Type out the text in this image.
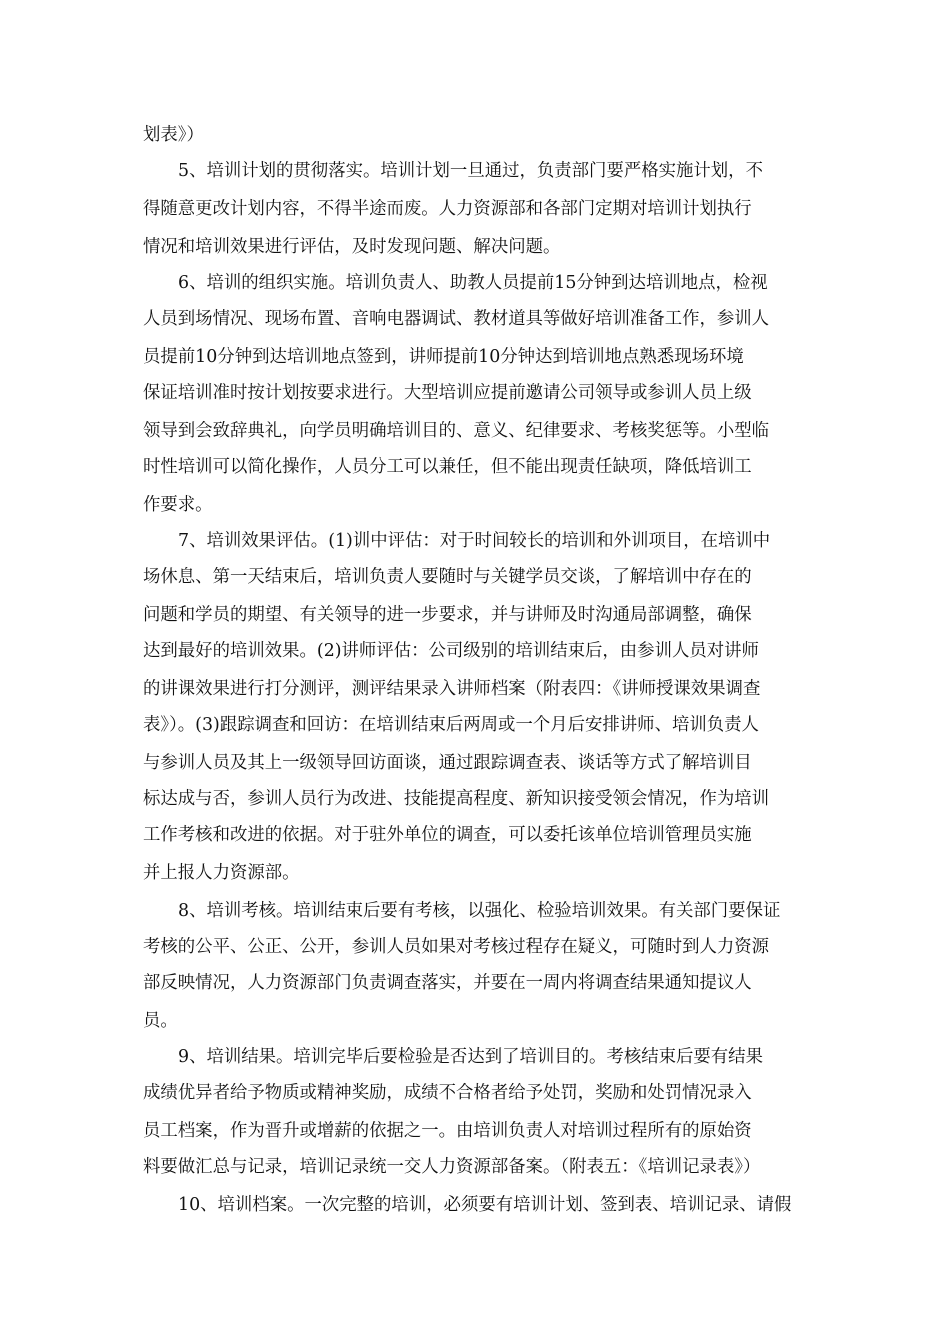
划表》）
5、培训计划的贯彻落实。培训计划一旦通过，负责部门要严格实施计划，不
得随意更改计划内容，不得半途而废。人力资源部和各部门定期对培训计划执行
情况和培训效果进行评估，及时发现问题、解决问题。
6、培训的组织实施。培训负责人、助教人员提前15分钟到达培训地点，检视
人员到场情况、现场布置、音响电器调试、教材道具等做好培训准备工作，参训人
员提前10分钟到达培训地点签到，讲师提前10分钟达到培训地点熟悉现场环境
保证培训准时按计划按要求进行。大型培训应提前邀请公司领导或参训人员上级
领导到会致辞典礼，向学员明确培训目的、意义、纪律要求、考核奖惩等。小型临
时性培训可以简化操作，人员分工可以兼任，但不能出现责任缺项，降低培训工
作要求。
7、培训效果评估。(1)训中评估：对于时间较长的培训和外训项目，在培训中
场休息、第一天结束后，培训负责人要随时与关键学员交谈，了解培训中存在的
问题和学员的期望、有关领导的进一步要求，并与讲师及时沟通局部调整，确保
达到最好的培训效果。(2)讲师评估：公司级别的培训结束后，由参训人员对讲师
的讲课效果进行打分测评，测评结果录入讲师档案（附表四：《讲师授课效果调查
表》）。(3)跟踪调查和回访：在培训结束后两周或一个月后安排讲师、培训负责人
与参训人员及其上一级领导回访面谈，通过跟踪调查表、谈话等方式了解培训目
标达成与否，参训人员行为改进、技能提高程度、新知识接受领会情况，作为培训
工作考核和改进的依据。对于驻外单位的调查，可以委托该单位培训管理员实施
并上报人力资源部。
8、培训考核。培训结束后要有考核，以强化、检验培训效果。有关部门要保证
考核的公平、公正、公开，参训人员如果对考核过程存在疑义，可随时到人力资源
部反映情况，人力资源部门负责调查落实，并要在一周内将调查结果通知提议人
员。
9、培训结果。培训完毕后要检验是否达到了培训目的。考核结束后要有结果
成绩优异者给予物质或精神奖励，成绩不合格者给予处罚，奖励和处罚情况录入
员工档案，作为晋升或增薪的依据之一。由培训负责人对培训过程所有的原始资
料要做汇总与记录，培训记录统一交人力资源部备案。（附表五：《培训记录表》）
10、培训档案。一次完整的培训，必须要有培训计划、签到表、培训记录、请假
